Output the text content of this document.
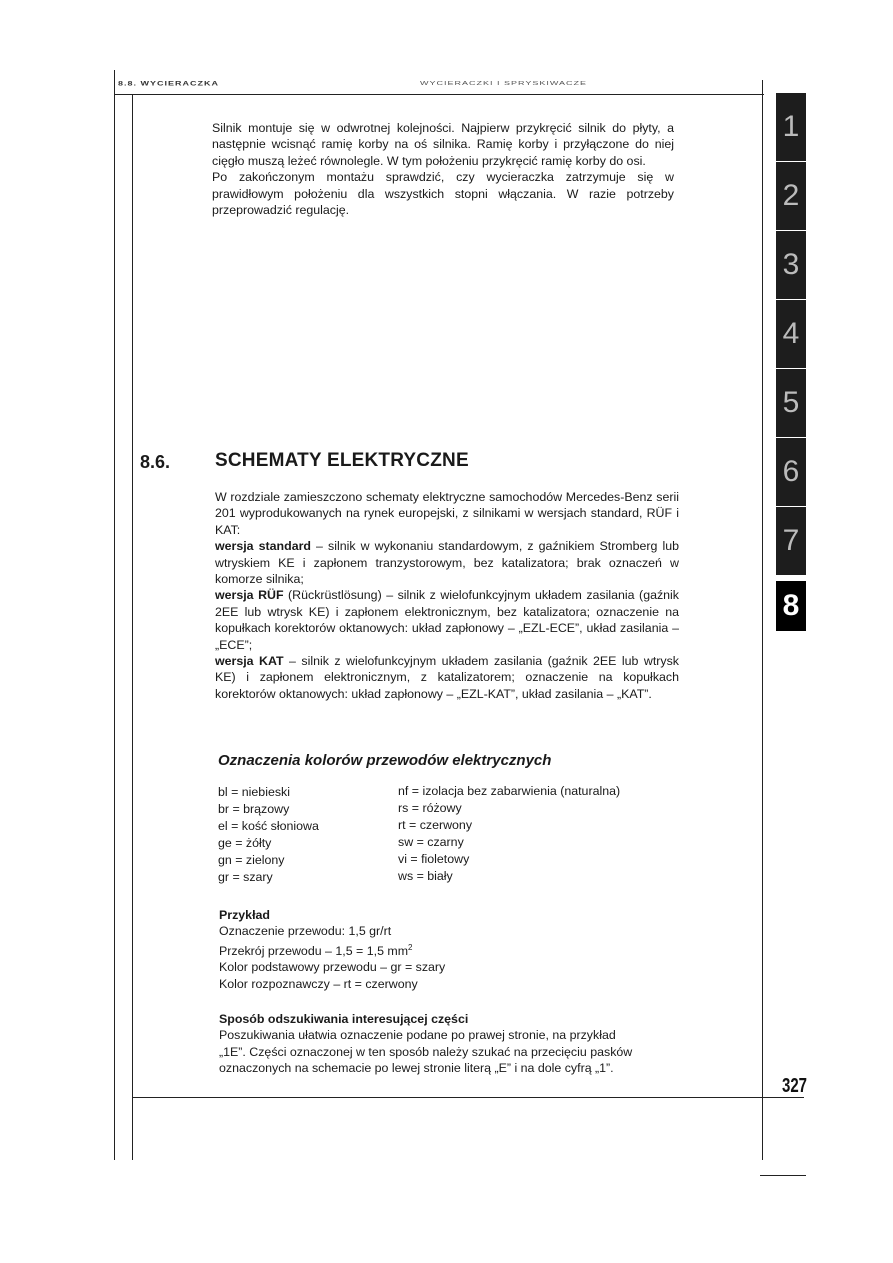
8.8. WYCIERACZKA	WYCIERACZKI I SPRYSKIWACZE

Silnik montuje się w odwrotnej kolejności. Najpierw przykręcić silnik do płyty, a następnie wcisnąć ramię korby na oś silnika. Ramię korby i przyłączone do niej cięgło muszą leżeć równolegle. W tym położeniu przykręcić ramię korby do osi.

Po zakończonym montażu sprawdzić, czy wycieraczka zatrzymuje się w prawidłowym położeniu dla wszystkich stopni włączania. W razie potrzeby przeprowadzić regulację.

8.6. SCHEMATY ELEKTRYCZNE

W rozdziale zamieszczono schematy elektryczne samochodów Mercedes-Benz serii 201 wyprodukowanych na rynek europejski, z silnikami w wersjach standard, RÜF i KAT:

wersja standard – silnik w wykonaniu standardowym, z gaźnikiem Stromberg lub wtryskiem KE i zapłonem tranzystorowym, bez katalizatora; brak oznaczeń w komorze silnika;

wersja RÜF (Rückrüstlösung) – silnik z wielofunkcyjnym układem zasilania (gaźnik 2EE lub wtrysk KE) i zapłonem elektronicznym, bez katalizatora; oznaczenie na kopułkach korektorów oktanowych: układ zapłonowy – „EZL-ECE”, układ zasilania – „ECE”;

wersja KAT – silnik z wielofunkcyjnym układem zasilania (gaźnik 2EE lub wtrysk KE) i zapłonem elektronicznym, z katalizatorem; oznaczenie na kopułkach korektorów oktanowych: układ zapłonowy – „EZL-KAT”, układ zasilania – „KAT”.

Oznaczenia kolorów przewodów elektrycznych
bl = niebieski
br = brązowy
el = kość słoniowa
ge = żółty
gn = zielony
gr = szary
nf = izolacja bez zabarwienia (naturalna)
rs = różowy
rt = czerwony
sw = czarny
vi = fioletowy
ws = biały
Przykład
Oznaczenie przewodu: 1,5 gr/rt
Przekrój przewodu – 1,5 = 1,5 $mm^2$
Kolor podstawowy przewodu – gr = szary
Kolor rozpoznawczy – rt = czerwony
Sposób odszukiwania interesującej części
Poszukiwania ułatwia oznaczenie podane po prawej stronie, na przykład
„1E”. Części oznaczonej w ten sposób należy szukać na przecięciu pasków
oznaczonych na schemacie po lewej stronie literą „E” i na dole cyfrą „1”.
327
1
2
3
4
5
6
7
8
